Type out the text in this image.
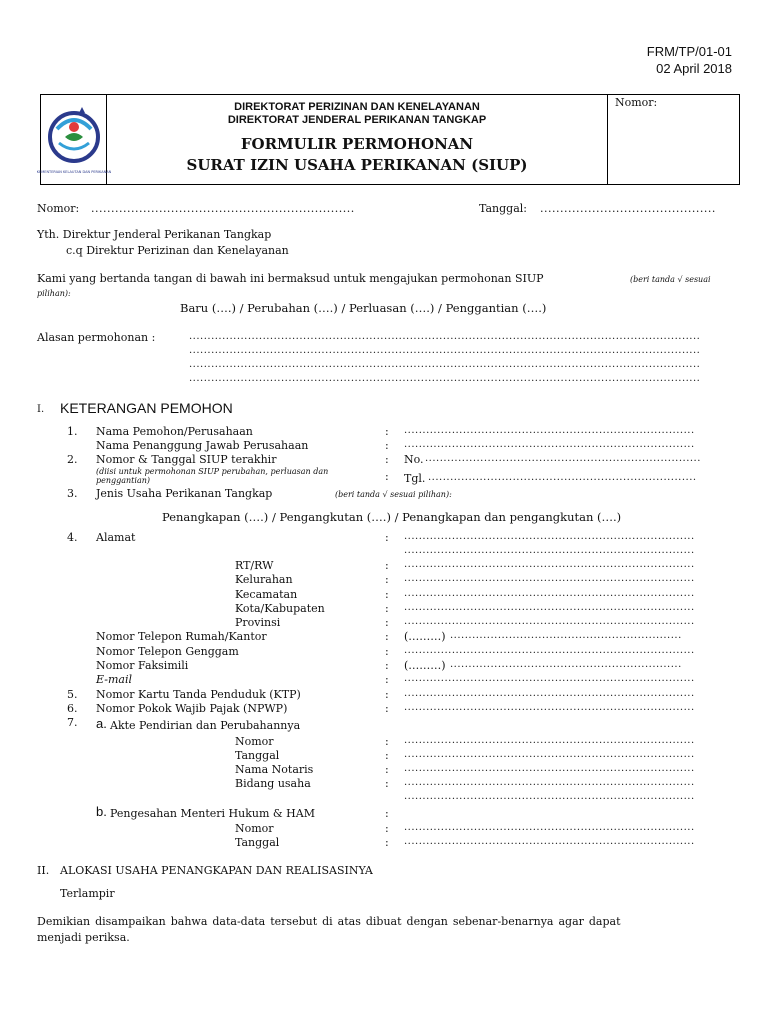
FRM/TP/01-01
02 April 2018
KEMENTERIAN KELAUTAN DAN PERIKANAN
DIREKTORAT PERIZINAN DAN KENELAYANAN
DIREKTORAT JENDERAL PERIKANAN TANGKAP
FORMULIR PERMOHONAN
SURAT IZIN USAHA PERIKANAN (SIUP)
Nomor:
Nomor: ..................................................................	Tanggal: ............................................
Yth. Direktur Jenderal Perikanan Tangkap
c.q Direktur Perizinan dan Kenelayanan
Kami yang bertanda tangan di bawah ini bermaksud untuk mengajukan permohonan SIUP	(beri tanda √ sesuai
pilihan):
Baru (….) / Perubahan (….) / Perluasan (….) / Penggantian (….)
Alasan permohonan :	...........................................................................................................................................
...........................................................................................................................................
...........................................................................................................................................
...........................................................................................................................................
I. KETERANGAN PEMOHON
1. Nama Pemohon/Perusahaan	: ...............................................................................
Nama Penanggung Jawab Perusahaan	: ...............................................................................
2. Nomor & Tanggal SIUP terakhir	: No. ...........................................................................
(diisi untuk permohonan SIUP perubahan, perluasan dan
penggantian)	: Tgl. .........................................................................
3. Jenis Usaha Perikanan Tangkap	(beri tanda √ sesuai pilihan):
Penangkapan (….) / Pengangkutan (….) / Penangkapan dan pengangkutan (….)
4. Alamat	: ...............................................................................
...............................................................................
RT/RW	: ...............................................................................
Kelurahan	: ...............................................................................
Kecamatan	: ...............................................................................
Kota/Kabupaten	: ...............................................................................
Provinsi	: ...............................................................................
Nomor Telepon Rumah/Kantor	: (………) ...............................................................
Nomor Telepon Genggam	: ...............................................................................
Nomor Faksimili	: (………) ...............................................................
E-mail	: ...............................................................................
5. Nomor Kartu Tanda Penduduk (KTP)	: ...............................................................................
6. Nomor Pokok Wajib Pajak (NPWP)	: ...............................................................................
7. a. Akte Pendirian dan Perubahannya
Nomor	: ...............................................................................
Tanggal	: ...............................................................................
Nama Notaris	: ...............................................................................
Bidang usaha	: ...............................................................................
...............................................................................
b. Pengesahan Menteri Hukum & HAM	:
Nomor	: ...............................................................................
Tanggal	: ...............................................................................
II. ALOKASI USAHA PENANGKAPAN DAN REALISASINYA
Terlampir
Demikian disampaikan bahwa data-data tersebut di atas dibuat dengan sebenar-benarnya agar dapat
menjadi periksa.
